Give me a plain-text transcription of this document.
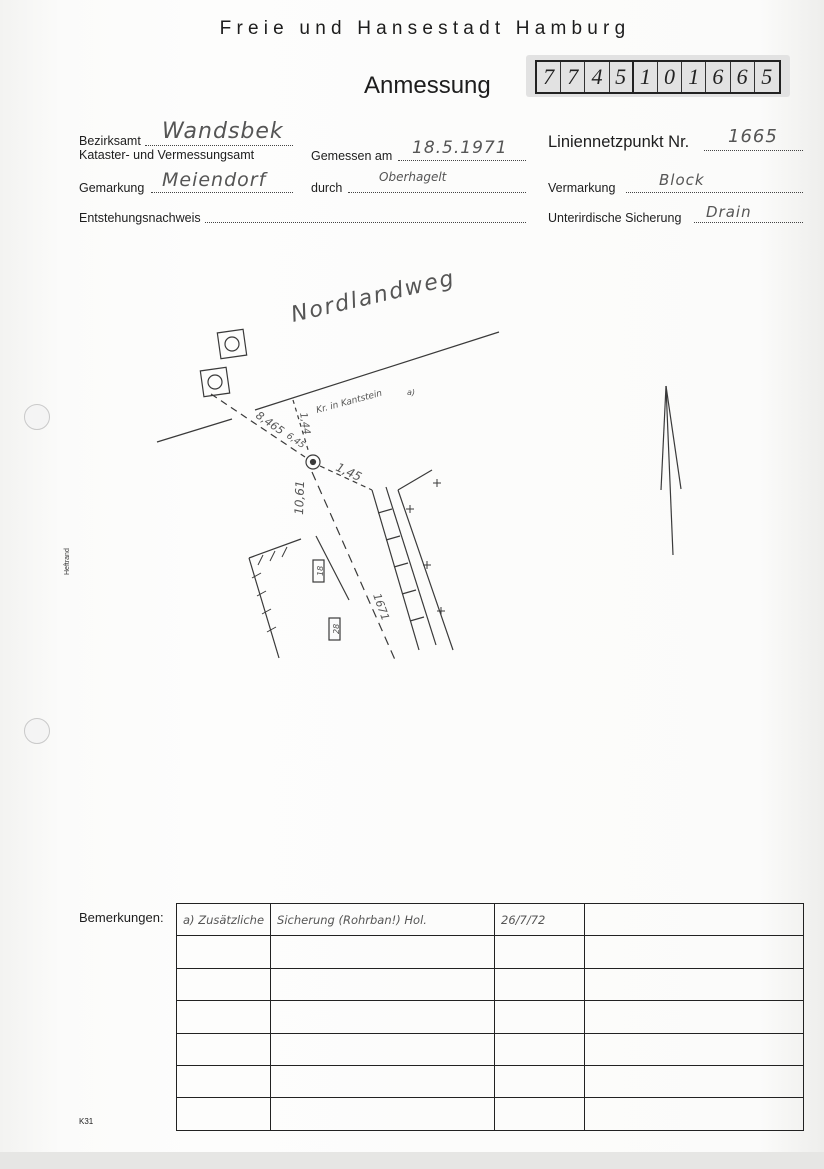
Heftrand
Freie und Hansestadt Hamburg
Anmessung 7 7 4 5 1 0 1 6 6 5
Bezirksamt Wandsbek
Kataster- und Vermessungsamt	Gemessen am 18.5.1971 Liniennetzpunkt Nr. 1665
Gemarkung Meiendorf	durch
Oberhagelt
Vermarkung	Block
Entstehungsnachweis	Unterirdische Sicherung Drain
Nordlandweg
Kr. in Kantstein	a)
8,465
6,45
1,44
1,45
10,61
1671
18
28
Bemerkungen: a) Zusätzliche	Sicherung (Rohrban!) Hol.	26/7/72	

K31
